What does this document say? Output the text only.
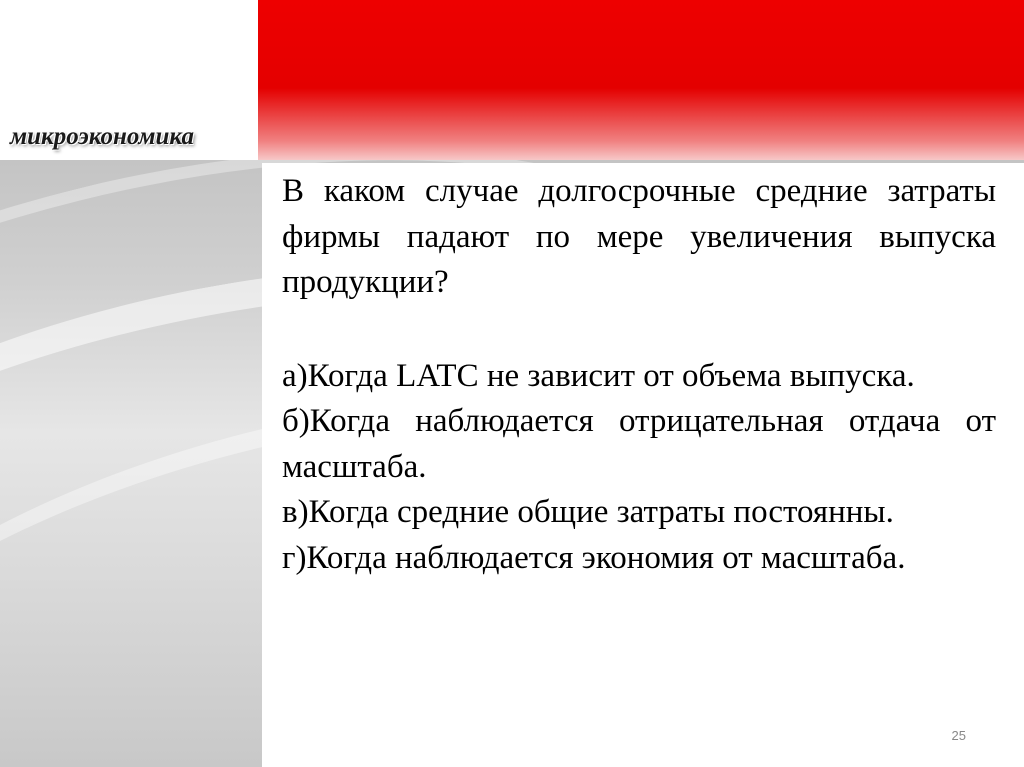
микроэкономика

В каком случае долгосрочные средние затраты фирмы падают по мере увеличения выпуска продукции?

а)Когда LATC не зависит от объема выпуска.

б)Когда наблюдается отрицательная отдача от масштаба.

в)Когда средние общие затраты постоянны.

г)Когда наблюдается экономия от масштаба.

25
